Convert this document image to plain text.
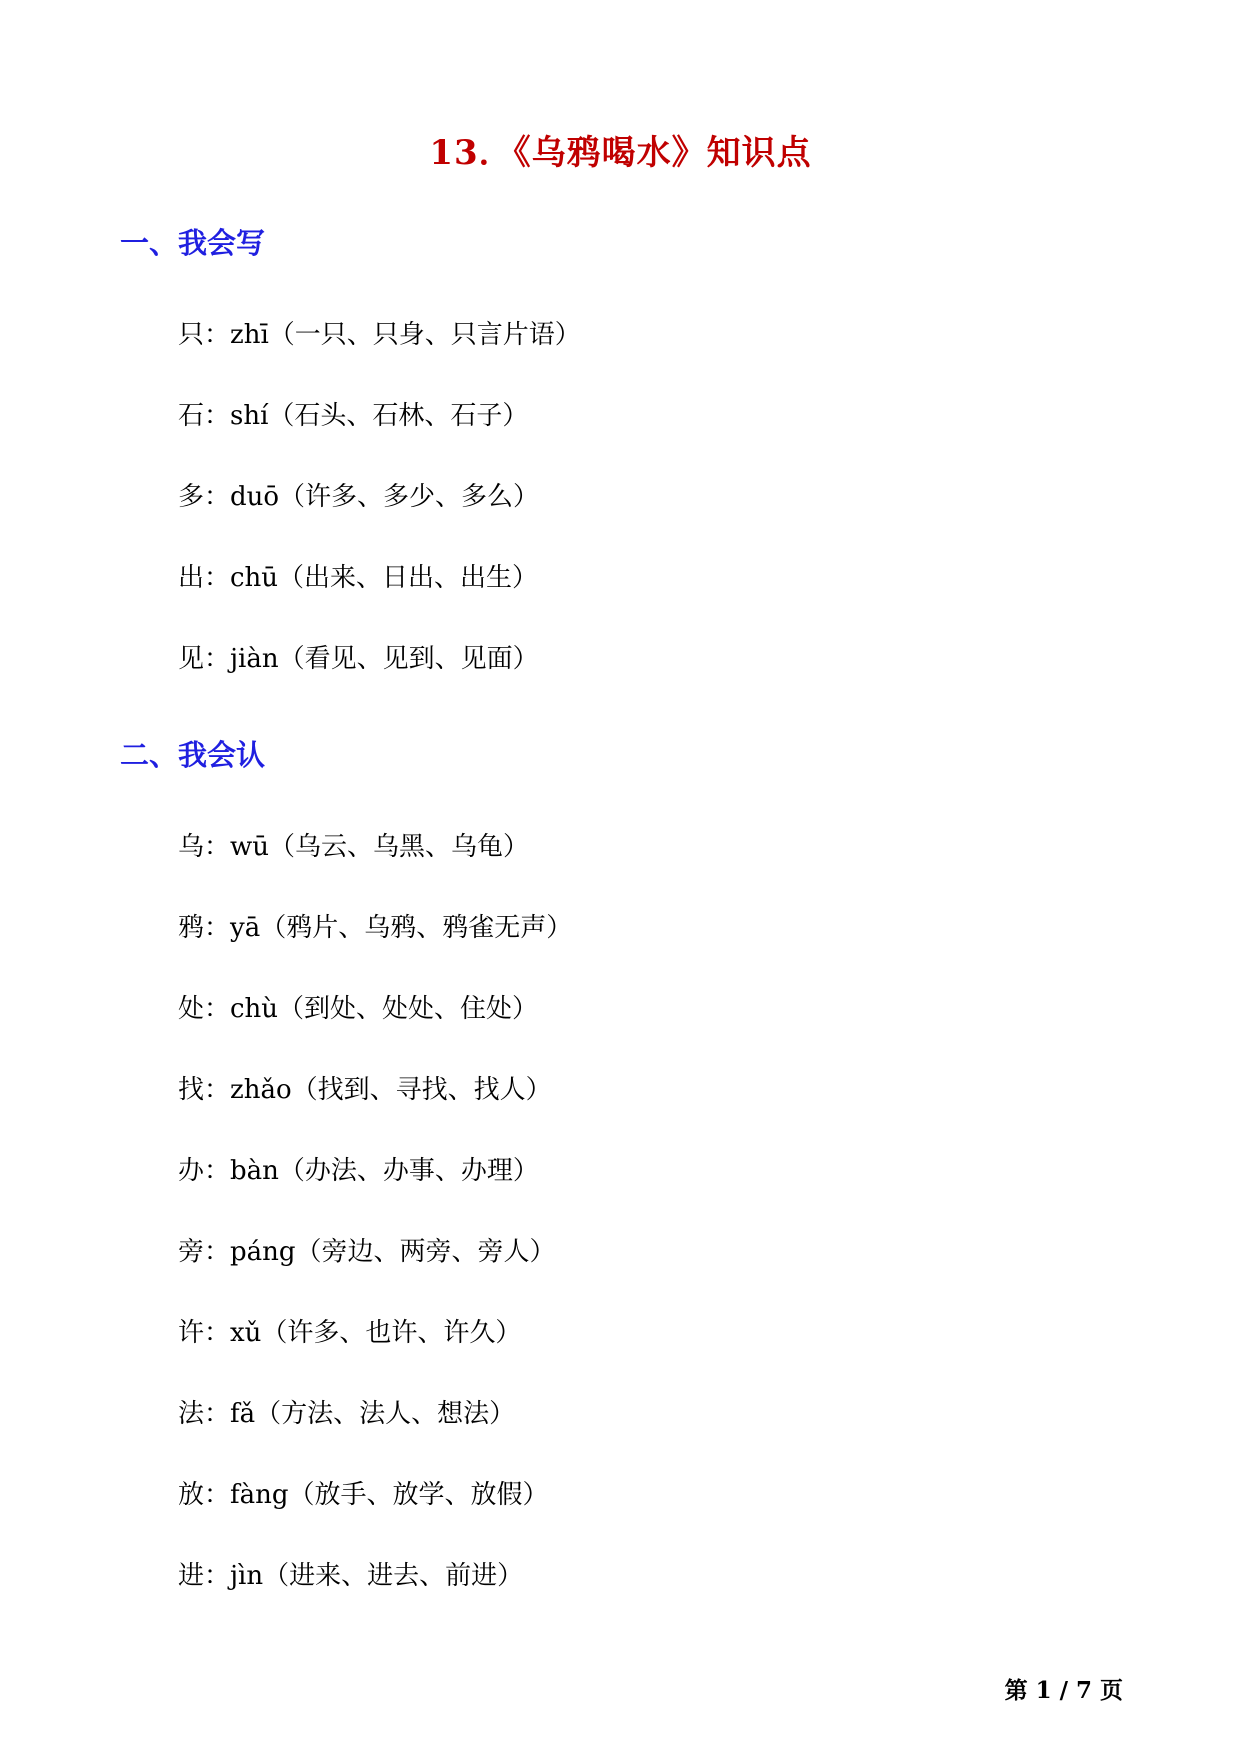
13．《乌鸦喝水》知识点
一、我会写

只：zhī（一只、只身、只言片语）

石：shí（石头、石林、石子）

多：duō（许多、多少、多么）

出：chū（出来、日出、出生）

见：jiàn（看见、见到、见面）

二、我会认

乌：wū（乌云、乌黑、乌龟）

鸦：yā（鸦片、乌鸦、鸦雀无声）

处：chù（到处、处处、住处）

找：zhǎo（找到、寻找、找人）

办：bàn（办法、办事、办理）

旁：páng（旁边、两旁、旁人）

许：xǔ（许多、也许、许久）

法：fǎ（方法、法人、想法）

放：fàng（放手、放学、放假）

进：jìn（进来、进去、前进）

第 1 / 7 页
